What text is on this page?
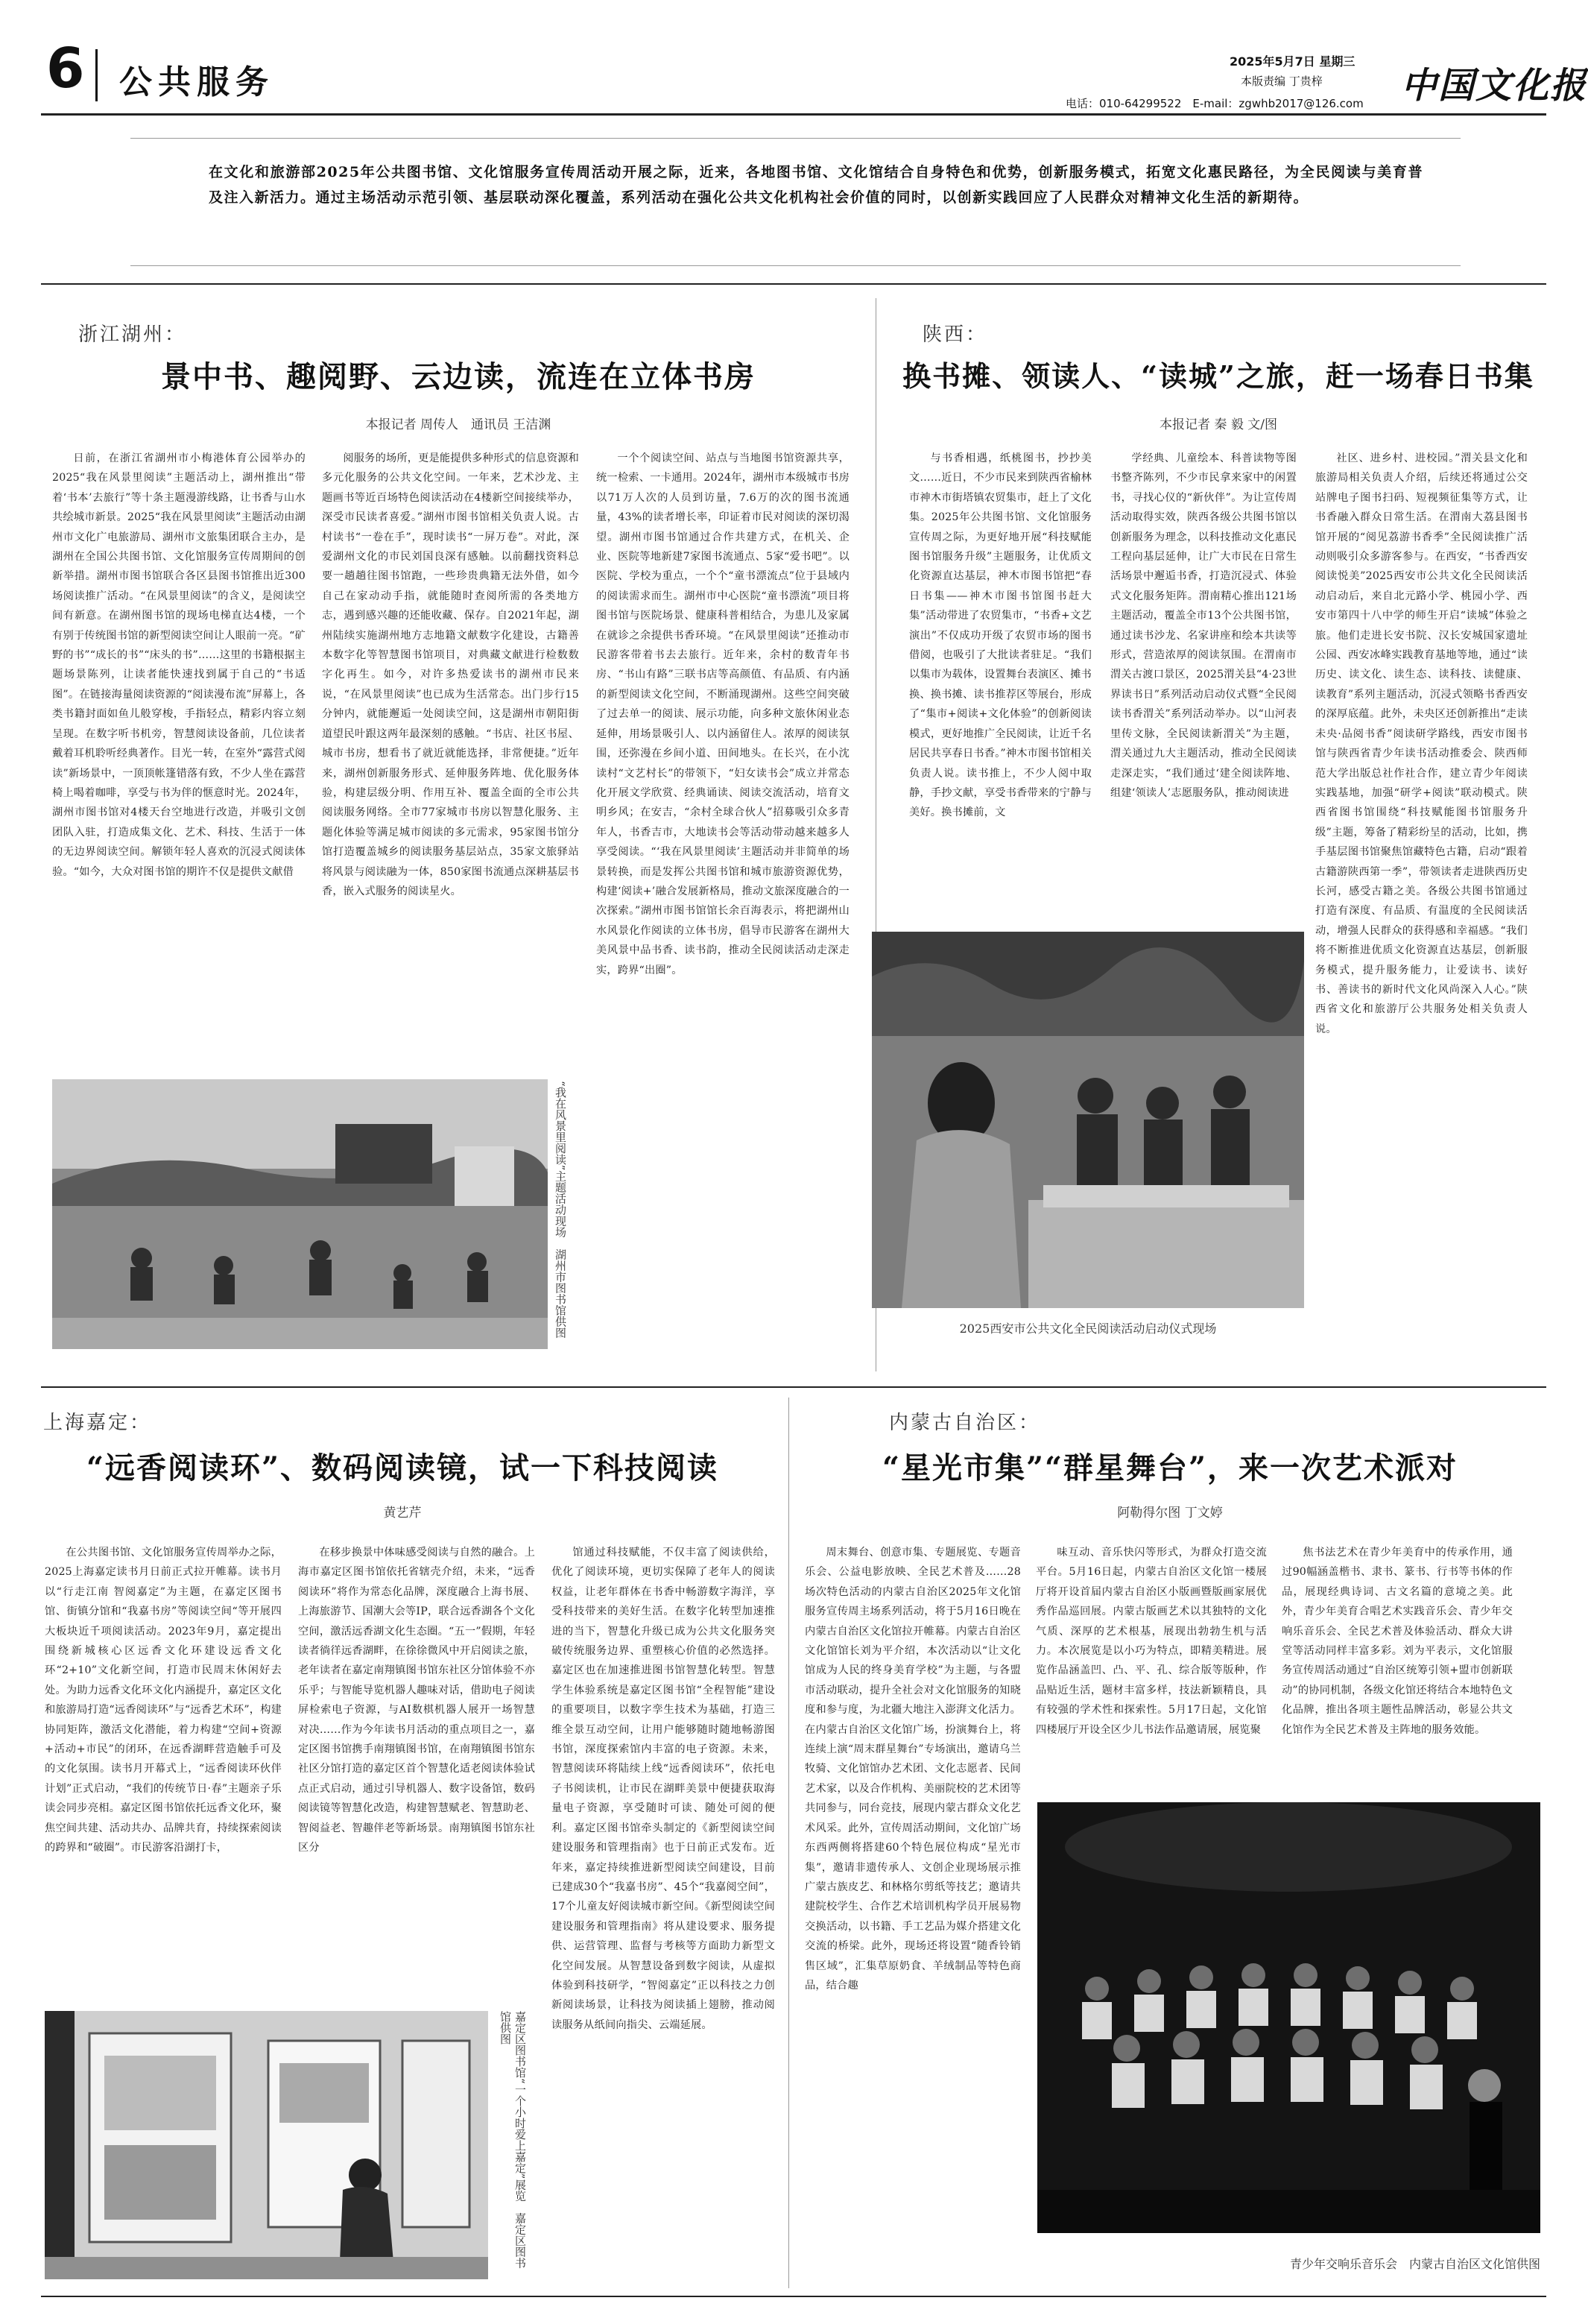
6 公共服务
2025年5月7日 星期三
本版责编 丁贵梓
电话：010-64299522　E-mail：zgwhb2017@126.com 中国文化报
在文化和旅游部2025年公共图书馆、文化馆服务宣传周活动开展之际，近来，各地图书馆、文化馆结合自身特色和优势，创新服务模式，拓宽文化惠民路径，为全民阅读与美育普及注入新活力。通过主场活动示范引领、基层联动深化覆盖，系列活动在强化公共文化机构社会价值的同时，以创新实践回应了人民群众对精神文化生活的新期待。
浙江湖州：
景中书、趣阅野、云边读，流连在立体书房
本报记者 周传人　通讯员 王洁渊

日前，在浙江省湖州市小梅港体育公园举办的2025“我在风景里阅读”主题活动上，湖州推出“带着‘书本’去旅行”等十条主题漫游线路，让书香与山水共绘城市新景。2025“我在风景里阅读”主题活动由湖州市文化广电旅游局、湖州市文旅集团联合主办，是湖州在全国公共图书馆、文化馆服务宣传周期间的创新举措。湖州市图书馆联合各区县图书馆推出近300场阅读推广活动。“在风景里阅读”的含义，是阅读空间有新意。在湖州图书馆的现场电梯直达4楼，一个有别于传统图书馆的新型阅读空间让人眼前一亮。“矿野的书”“成长的书”“床头的书”……这里的书籍根据主题场景陈列，让读者能快速找到属于自己的“书适图”。在链接海量阅读资源的“阅读漫布流”屏幕上，各类书籍封面如鱼儿般穿梭，手指轻点，精彩内容立刻呈现。在数字听书机旁，智慧阅读设备前，几位读者戴着耳机聆听经典著作。目光一转，在室外“露营式阅读”新场景中，一顶顶帐篷错落有致，不少人坐在露营椅上喝着咖啡，享受与书为伴的惬意时光。2024年，湖州市图书馆对4楼天台空地进行改造，并吸引文创团队入驻，打造成集文化、艺术、科技、生活于一体的无边界阅读空间。解锁年轻人喜欢的沉浸式阅读体验。“如今，大众对图书馆的期许不仅是提供文献借

阅服务的场所，更是能提供多种形式的信息资源和多元化服务的公共文化空间。一年来，艺术沙龙、主题画书等近百场特色阅读活动在4楼新空间接续举办，深受市民读者喜爱。”湖州市图书馆相关负责人说。古村读书“一卷在手”，现时读书“一屏万卷”。对此，深爱湖州文化的市民刘国良深有感触。以前翻找资料总要一趟趟往图书馆跑，一些珍贵典籍无法外借，如今自己在家动动手指，就能随时查阅所需的各类地方志，遇到感兴趣的还能收藏、保存。自2021年起，湖州陆续实施湖州地方志地籍文献数字化建设，古籍善本数字化等智慧图书馆项目，对典藏文献进行检数数字化再生。如今，对许多热爱读书的湖州市民来说，“在风景里阅读”也已成为生活常态。出门步行15分钟内，就能邂逅一处阅读空间，这是湖州市朝阳街道望民叶跟这两年最深刻的感触。“书店、社区书屋、城市书房，想看书了就近就能选择，非常便捷。”近年来，湖州创新服务形式、延伸服务阵地、优化服务体验，构建层级分明、作用互补、覆盖全面的全市公共阅读服务网络。全市77家城市书房以智慧化服务、主题化体验等满足城市阅读的多元需求，95家图书馆分馆打造覆盖城乡的阅读服务基层站点，35家文旅驿站将风景与阅读融为一体，850家图书流通点深耕基层书香，嵌入式服务的阅读星火。

一个个阅读空间、站点与当地图书馆资源共享，统一检索、一卡通用。2024年，湖州市本级城市书房以71万人次的人员到访量，7.6万的次的图书流通量，43%的读者增长率，印证着市民对阅读的深切渴望。湖州市图书馆通过合作共建方式，在机关、企业、医院等地新建7家图书流通点、5家“爱书吧”。以医院、学校为重点，一个个“童书漂流点”位于县域内的阅读需求而生。湖州市中心医院“童书漂流”项目将图书馆与医院场景、健康科普相结合，为患儿及家属在就诊之余提供书香环境。“在风景里阅读”还推动市民游客带着书去去旅行。近年来，余村的数青年书房、“书山有路”三联书店等高颜值、有品质、有内涵的新型阅读文化空间，不断涌现湖州。这些空间突破了过去单一的阅读、展示功能，向多种文旅休闲业态延伸，用场景吸引人、以内涵留住人。浓厚的阅读氛围，还弥漫在乡间小道、田间地头。在长兴，在小沈读村“文艺村长”的带领下，“妇女读书会”成立并常态化开展文学欣赏、经典诵读、阅读交流活动，培育文明乡风；在安吉，“余村全球合伙人”招募吸引众多青年人，书香吉市，大地读书会等活动带动越来越多人享受阅读。“‘我在风景里阅读’主题活动并非简单的场景转换，而是发挥公共图书馆和城市旅游资源优势，构建‘阅读+’融合发展新格局，推动文旅深度融合的一次探索。”湖州市图书馆馆长余百海表示，将把湖州山水风景化作阅读的立体书房，倡导市民游客在湖州大美风景中品书香、读书韵，推动全民阅读活动走深走实，跨界“出圈”。

“我在风景里阅读”主题活动现场　湖州市图书馆供图
陕西：
换书摊、领读人、“读城”之旅，赶一场春日书集
本报记者 秦 毅 文/图

与书香相遇，纸桃图书，抄抄美文……近日，不少市民来到陕西省榆林市神木市街塔镇农贸集市，赶上了文化集。2025年公共图书馆、文化馆服务宣传周之际，为更好地开展“科技赋能图书馆服务升级”主题服务，让优质文化资源直达基层，神木市图书馆把“春日书集——神木市图书馆图书赶大集”活动带进了农贸集市，“书香+文艺演出”不仅成功开级了农贸市场的图书借阅，也吸引了大批读者驻足。“我们以集市为载体，设置舞台表演区、摊书换、换书摊、读书推荐区等展台，形成了“集市+阅读+文化体验”的创新阅读模式，更好地推广全民阅读，让近千名居民共享春日书香。”神木市图书馆相关负责人说。读书推上，不少人阅中取静，手抄文献，享受书香带来的宁静与美好。换书摊前，文

学经典、儿童绘本、科普读物等图书整齐陈列，不少市民拿来家中的闲置书，寻找心仪的“新伙伴”。为让宣传周活动取得实效，陕西各级公共图书馆以创新服务为理念，以科技推动文化惠民工程向基层延伸，让广大市民在日常生活场景中邂逅书香，打造沉浸式、体验式文化服务矩阵。渭南精心推出121场主题活动，覆盖全市13个公共图书馆，通过读书沙龙、名家讲座和绘本共读等形式，营造浓厚的阅读氛围。在渭南市渭关古渡口景区，2025渭关县“4·23世界读书日”系列活动启动仪式暨“全民阅读书香渭关”系列活动举办。以“山河表里传文脉，全民阅读新渭关”为主题，渭关通过九大主题活动，推动全民阅读走深走实，“我们通过‘建全阅读阵地、组建‘领读人’志愿服务队，推动阅读进

社区、进乡村、进校园。”渭关县文化和旅游局相关负责人介绍，后续还将通过公交站牌电子图书扫码、短视频征集等方式，让书香融入群众日常生活。在渭南大荔县图书馆开展的“阅见荔游书香季”全民阅读推广活动则吸引众多游客参与。在西安，“书香西安 阅读悦美”2025西安市公共文化全民阅读活动启动后，来自北元路小学、桃园小学、西安市第四十八中学的师生开启“读城”体验之旅。他们走进长安书院、汉长安城国家遗址公园、西安冰峰实践教育基地等地，通过“读历史、读文化、读生态、读科技、读健康、读教育”系列主题活动，沉浸式领略书香西安的深厚底蕴。此外，未央区还创新推出“走读未央·品阅书香”阅读研学路线，西安市图书馆与陕西省青少年读书活动推委会、陕西师范大学出版总社作社合作，建立青少年阅读实践基地，加强“研学+阅读”联动模式。陕西省图书馆围绕“科技赋能图书馆服务升级”主题，筹备了精彩纷呈的活动，比如，携手基层图书馆聚焦馆藏特色古籍，启动“跟着古籍游陕西第一季”，带领读者走进陕西历史长河，感受古籍之美。各级公共图书馆通过打造有深度、有品质、有温度的全民阅读活动，增强人民群众的获得感和幸福感。“我们将不断推进优质文化资源直达基层，创新服务模式，提升服务能力，让爱读书、读好书、善读书的新时代文化风尚深入人心。”陕西省文化和旅游厅公共服务处相关负责人说。

2025西安市公共文化全民阅读活动启动仪式现场
上海嘉定：
“远香阅读环”、数码阅读镜，试一下科技阅读
黄艺芹

在公共图书馆、文化馆服务宣传周举办之际，2025上海嘉定读书月日前正式拉开帷幕。读书月以“行走江南 智阅嘉定”为主题，在嘉定区图书馆、街镇分馆和“我嘉书房”等阅读空间“等开展四大板块近千项阅读活动。2023年9月，嘉定提出围绕新城核心区远香文化环建设远香文化环“2+10”文化新空间，打造市民周末休闲好去处。为助力远香文化环文化内涵提升，嘉定区文化和旅游局打造“远香阅读环”与“远香艺术环”，构建协同矩阵，激活文化潜能，着力构建“空间+资源+活动+市民”的闭环，在远香湖畔营造触手可及的文化氛围。读书月开幕式上，“远香阅读环伙伴计划”正式启动，“我们的传统节日·春”主题亲子乐读会同步亮相。嘉定区图书馆依托远香文化环，聚焦空间共建、活动共办、品牌共育，持续探索阅读的跨界和“破圈”。市民游客沿湖打卡，

在移步换景中体味感受阅读与自然的融合。上海市嘉定区图书馆依托省辖壳介绍，未来，“远香阅读环”将作为常态化品牌，深度融合上海书展、上海旅游节、国潮大会等IP，联合远香湖各个文化空间，激活远香湖文化生态圈。“五一”假期，年轻读者徜徉远香湖畔，在徐徐微风中开启阅读之旅，老年读者在嘉定南翔镇图书馆东社区分馆体验不亦乐乎；与智能导览机器人趣味对话，借助电子阅读屏检索电子资源，与AI数棋机器人展开一场智慧对决……作为今年读书月活动的重点项目之一，嘉定区图书馆携手南翔镇图书馆，在南翔镇图书馆东社区分馆打造的嘉定区首个智慧化适老阅读体验试点正式启动，通过引导机器人、数字设备馆，数码阅读镜等智慧化改造，构建智慧赋老、智慧助老、智阅益老、智趣伴老等新场景。南翔镇图书馆东社区分

馆通过科技赋能，不仅丰富了阅读供给，优化了阅读环境，更切实保障了老年人的阅读权益，让老年群体在书香中畅游数字海洋，享受科技带来的美好生活。在数字化转型加速推进的当下，智慧化升级已成为公共文化服务突破传统服务边界、重塑核心价值的必然选择。嘉定区也在加速推进图书馆智慧化转型。智慧学生体验系统是嘉定区图书馆“全程智能”建设的重要项目，以数字孪生技术为基础，打造三维全景互动空间，让用户能够随时随地畅游图书馆，深度探索馆内丰富的电子资源。未来，智慧阅读环将陆续上线“远香阅读环”，依托电子书阅读机，让市民在湖畔美景中便捷获取海量电子资源，享受随时可读、随处可阅的便利。嘉定区图书馆牵头制定的《新型阅读空间建设服务和管理指南》也于日前正式发布。近年来，嘉定持续推进新型阅读空间建设，目前已建成30个“我嘉书房”、45个“我嘉阅空间”，17个儿童友好阅读城市新空间。《新型阅读空间建设服务和管理指南》将从建设要求、服务提供、运营管理、监督与考核等方面助力新型文化空间发展。从智慧设备到数字阅读，从虚拟体验到科技研学，“智阅嘉定”正以科技之力创新阅读场景，让科技为阅读插上翅膀，推动阅读服务从纸间向指尖、云端延展。

嘉定区图书馆“一个小时爱上嘉定”展览　嘉定区图书馆供图
内蒙古自治区：
“星光市集”“群星舞台”，来一次艺术派对
阿勒得尔图 丁文婷

周末舞台、创意市集、专题展览、专题音乐会、公益电影放映、全民艺术普及……28场次特色活动的内蒙古自治区2025年文化馆服务宣传周主场系列活动，将于5月16日晚在内蒙古自治区文化馆拉开帷幕。内蒙古自治区文化馆馆长刘为平介绍，本次活动以“让文化馆成为人民的终身美育学校”为主题，与各盟市活动联动，提升全社会对文化馆服务的知晓度和参与度，为北疆大地注入澎湃文化活力。在内蒙古自治区文化馆广场，扮演舞台上，将连续上演“周末群星舞台”专场演出，邀请乌兰牧骑、文化馆馆办艺术团、文化志愿者、民间艺术家，以及合作机构、美丽院校的艺术团等共同参与，同台竞技，展现内蒙古群众文化艺术风采。此外，宣传周活动期间，文化馆广场东西两侧将搭建60个特色展位构成“星光市集”，邀请非遗传承人、文创企业现场展示推广蒙古族皮艺、和林格尔剪纸等技艺；邀请共建院校学生、合作艺术培训机构学员开展易物交换活动，以书籍、手工艺品为媒介搭建文化交流的桥梁。此外，现场还将设置“随香铃销售区域”，汇集草原奶食、羊绒制品等特色商品，结合趣

味互动、音乐快闪等形式，为群众打造交流平台。5月16日起，内蒙古自治区文化馆一楼展厅将开设首届内蒙古自治区小版画暨版画家展优秀作品巡回展。内蒙古版画艺术以其独特的文化气质、深厚的艺术根基，展现出勃勃生机与活力。本次展览是以小巧为特点，即精美精进。展览作品涵盖凹、凸、平、孔、综合版等版种，作品贴近生活，题材丰富多样，技法新颖精良，具有较强的学术性和探索性。5月17日起，文化馆四楼展厅开设全区少儿书法作品邀请展，展览聚

焦书法艺术在青少年美育中的传承作用，通过90幅涵盖楷书、隶书、篆书、行书等书体的作品，展现经典诗词、古文名篇的意境之美。此外，青少年美育合唱艺术实践音乐会、青少年交响乐音乐会、全民艺术普及体验活动、群众大讲堂等活动同样丰富多彩。刘为平表示，文化馆服务宣传周活动通过“自治区统筹引领+盟市创新联动”的协同机制，各级文化馆还将结合本地特色文化品牌，推出各项主题性品牌活动，彰显公共文化馆作为全民艺术普及主阵地的服务效能。

青少年交响乐音乐会　内蒙古自治区文化馆供图
